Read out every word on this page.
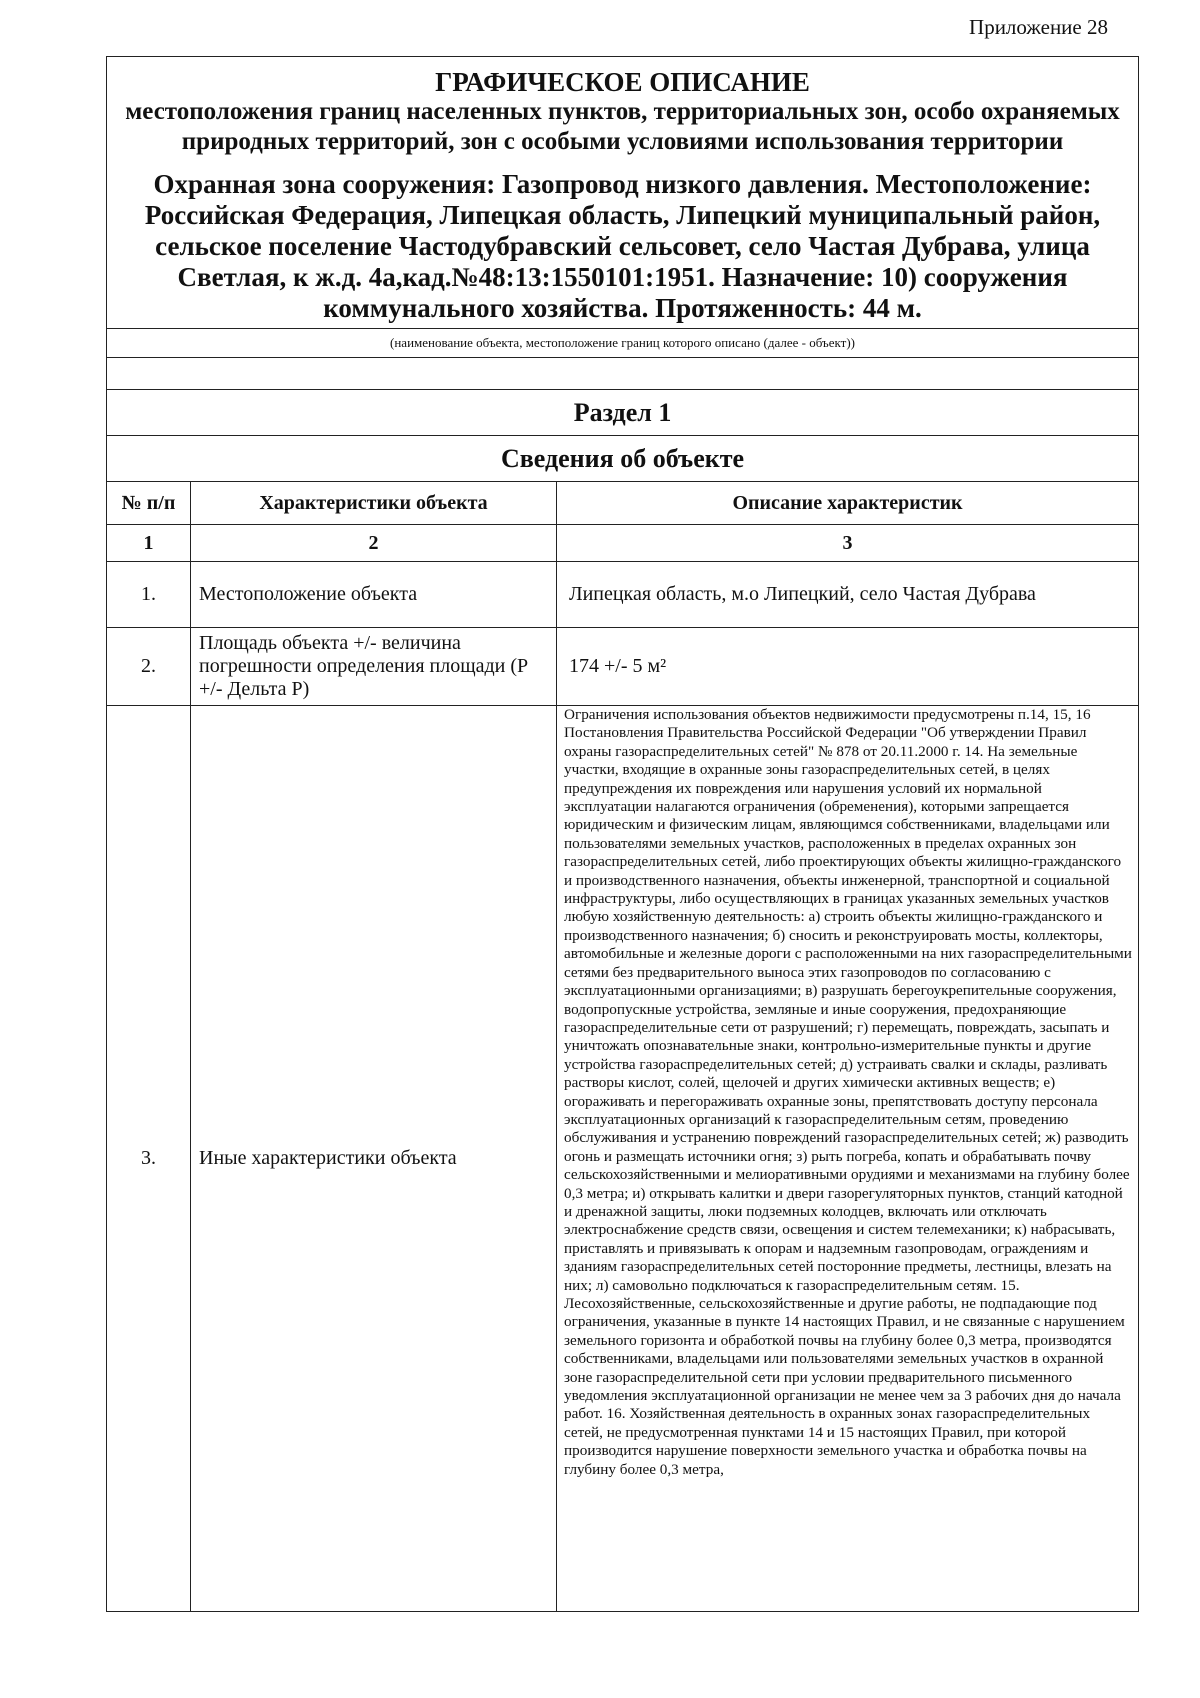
Приложение 28
ГРАФИЧЕСКОЕ ОПИСАНИЕ
местоположения границ населенных пунктов, территориальных зон, особо охраняемых природных территорий, зон с особыми условиями использования территории
Охранная зона сооружения: Газопровод низкого давления. Местоположение: Российская Федерация, Липецкая область, Липецкий муниципальный район, сельское поселение Частодубравский сельсовет, село Частая Дубрава, улица Светлая, к ж.д. 4а,кад.№48:13:1550101:1951. Назначение: 10) сооружения коммунального хозяйства. Протяженность: 44 м.		

(наименование объекта, местоположение границ которого описано (далее - объект))		

Раздел 1		
Сведения об объекте		
№ п/п	Характеристики объекта	Описание характеристик
1	2	3
1.	Местоположение объекта	Липецкая область, м.о Липецкий, село Частая Дубрава
2.	Площадь объекта +/- величина погрешности определения площади (Р +/- Дельта Р)	174 +/- 5 м²
3.	Иные характеристики объекта	Ограничения использования объектов недвижимости предусмотрены п.14, 15, 16 Постановления Правительства Российской Федерации "Об утверждении Правил охраны газораспределительных сетей" № 878 от 20.11.2000 г. 14. На земельные участки, входящие в охранные зоны газораспределительных сетей, в целях предупреждения их повреждения или нарушения условий их нормальной эксплуатации налагаются ограничения (обременения), которыми запрещается юридическим и физическим лицам, являющимся собственниками, владельцами или пользователями земельных участков, расположенных в пределах охранных зон газораспределительных сетей, либо проектирующих объекты жилищно-гражданского и производственного назначения, объекты инженерной, транспортной и социальной инфраструктуры, либо осуществляющих в границах указанных земельных участков любую хозяйственную деятельность: а) строить объекты жилищно-гражданского и производственного назначения; б) сносить и реконструировать мосты, коллекторы, автомобильные и железные дороги с расположенными на них газораспределительными сетями без предварительного выноса этих газопроводов по согласованию с эксплуатационными организациями; в) разрушать берегоукрепительные сооружения, водопропускные устройства, земляные и иные сооружения, предохраняющие газораспределительные сети от разрушений; г) перемещать, повреждать, засыпать и уничтожать опознавательные знаки, контрольно-измерительные пункты и другие устройства газораспределительных сетей; д) устраивать свалки и склады, разливать растворы кислот, солей, щелочей и других химически активных веществ; е) огораживать и перегораживать охранные зоны, препятствовать доступу персонала эксплуатационных организаций к газораспределительным сетям, проведению обслуживания и устранению повреждений газораспределительных сетей; ж) разводить огонь и размещать источники огня; з) рыть погреба, копать и обрабатывать почву сельскохозяйственными и мелиоративными орудиями и механизмами на глубину более 0,3 метра; и) открывать калитки и двери газорегуляторных пунктов, станций катодной и дренажной защиты, люки подземных колодцев, включать или отключать электроснабжение средств связи, освещения и систем телемеханики; к) набрасывать, приставлять и привязывать к опорам и надземным газопроводам, ограждениям и зданиям газораспределительных сетей посторонние предметы, лестницы, влезать на них; л) самовольно подключаться к газораспределительным сетям. 15. Лесохозяйственные, сельскохозяйственные и другие работы, не подпадающие под ограничения, указанные в пункте 14 настоящих Правил, и не связанные с нарушением земельного горизонта и обработкой почвы на глубину более 0,3 метра, производятся собственниками, владельцами или пользователями земельных участков в охранной зоне газораспределительной сети при условии предварительного письменного уведомления эксплуатационной организации не менее чем за 3 рабочих дня до начала работ. 16. Хозяйственная деятельность в охранных зонах газораспределительных сетей, не предусмотренная пунктами 14 и 15 настоящих Правил, при которой производится нарушение поверхности земельного участка и обработка почвы на глубину более 0,3 метра,
